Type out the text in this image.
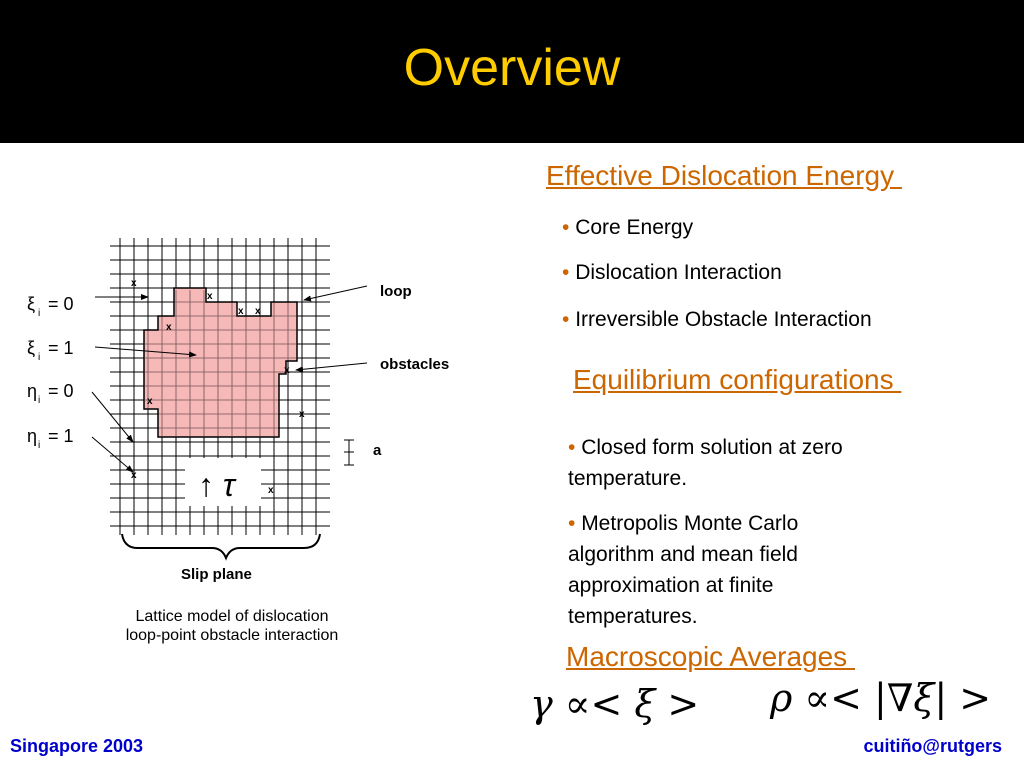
Overview
x
x
x x
x
x
x
x
x
x
↑ τ
ξ i = 0
ξ i = 1
η i = 0
η i = 1
loop
obstacles
a
Slip plane
Lattice model of dislocation
loop-point obstacle interaction
Effective Dislocation Energy
• Core Energy
• Dislocation Interaction
• Irreversible Obstacle Interaction
Equilibrium configurations
• Closed form solution at zero temperature.
• Metropolis Monte Carlo algorithm and mean field approximation at finite temperatures.
Macroscopic Averages
γ ∝< ξ > ρ ∝< |∇ξ| >
Singapore 2003	cuitiño@rutgers
